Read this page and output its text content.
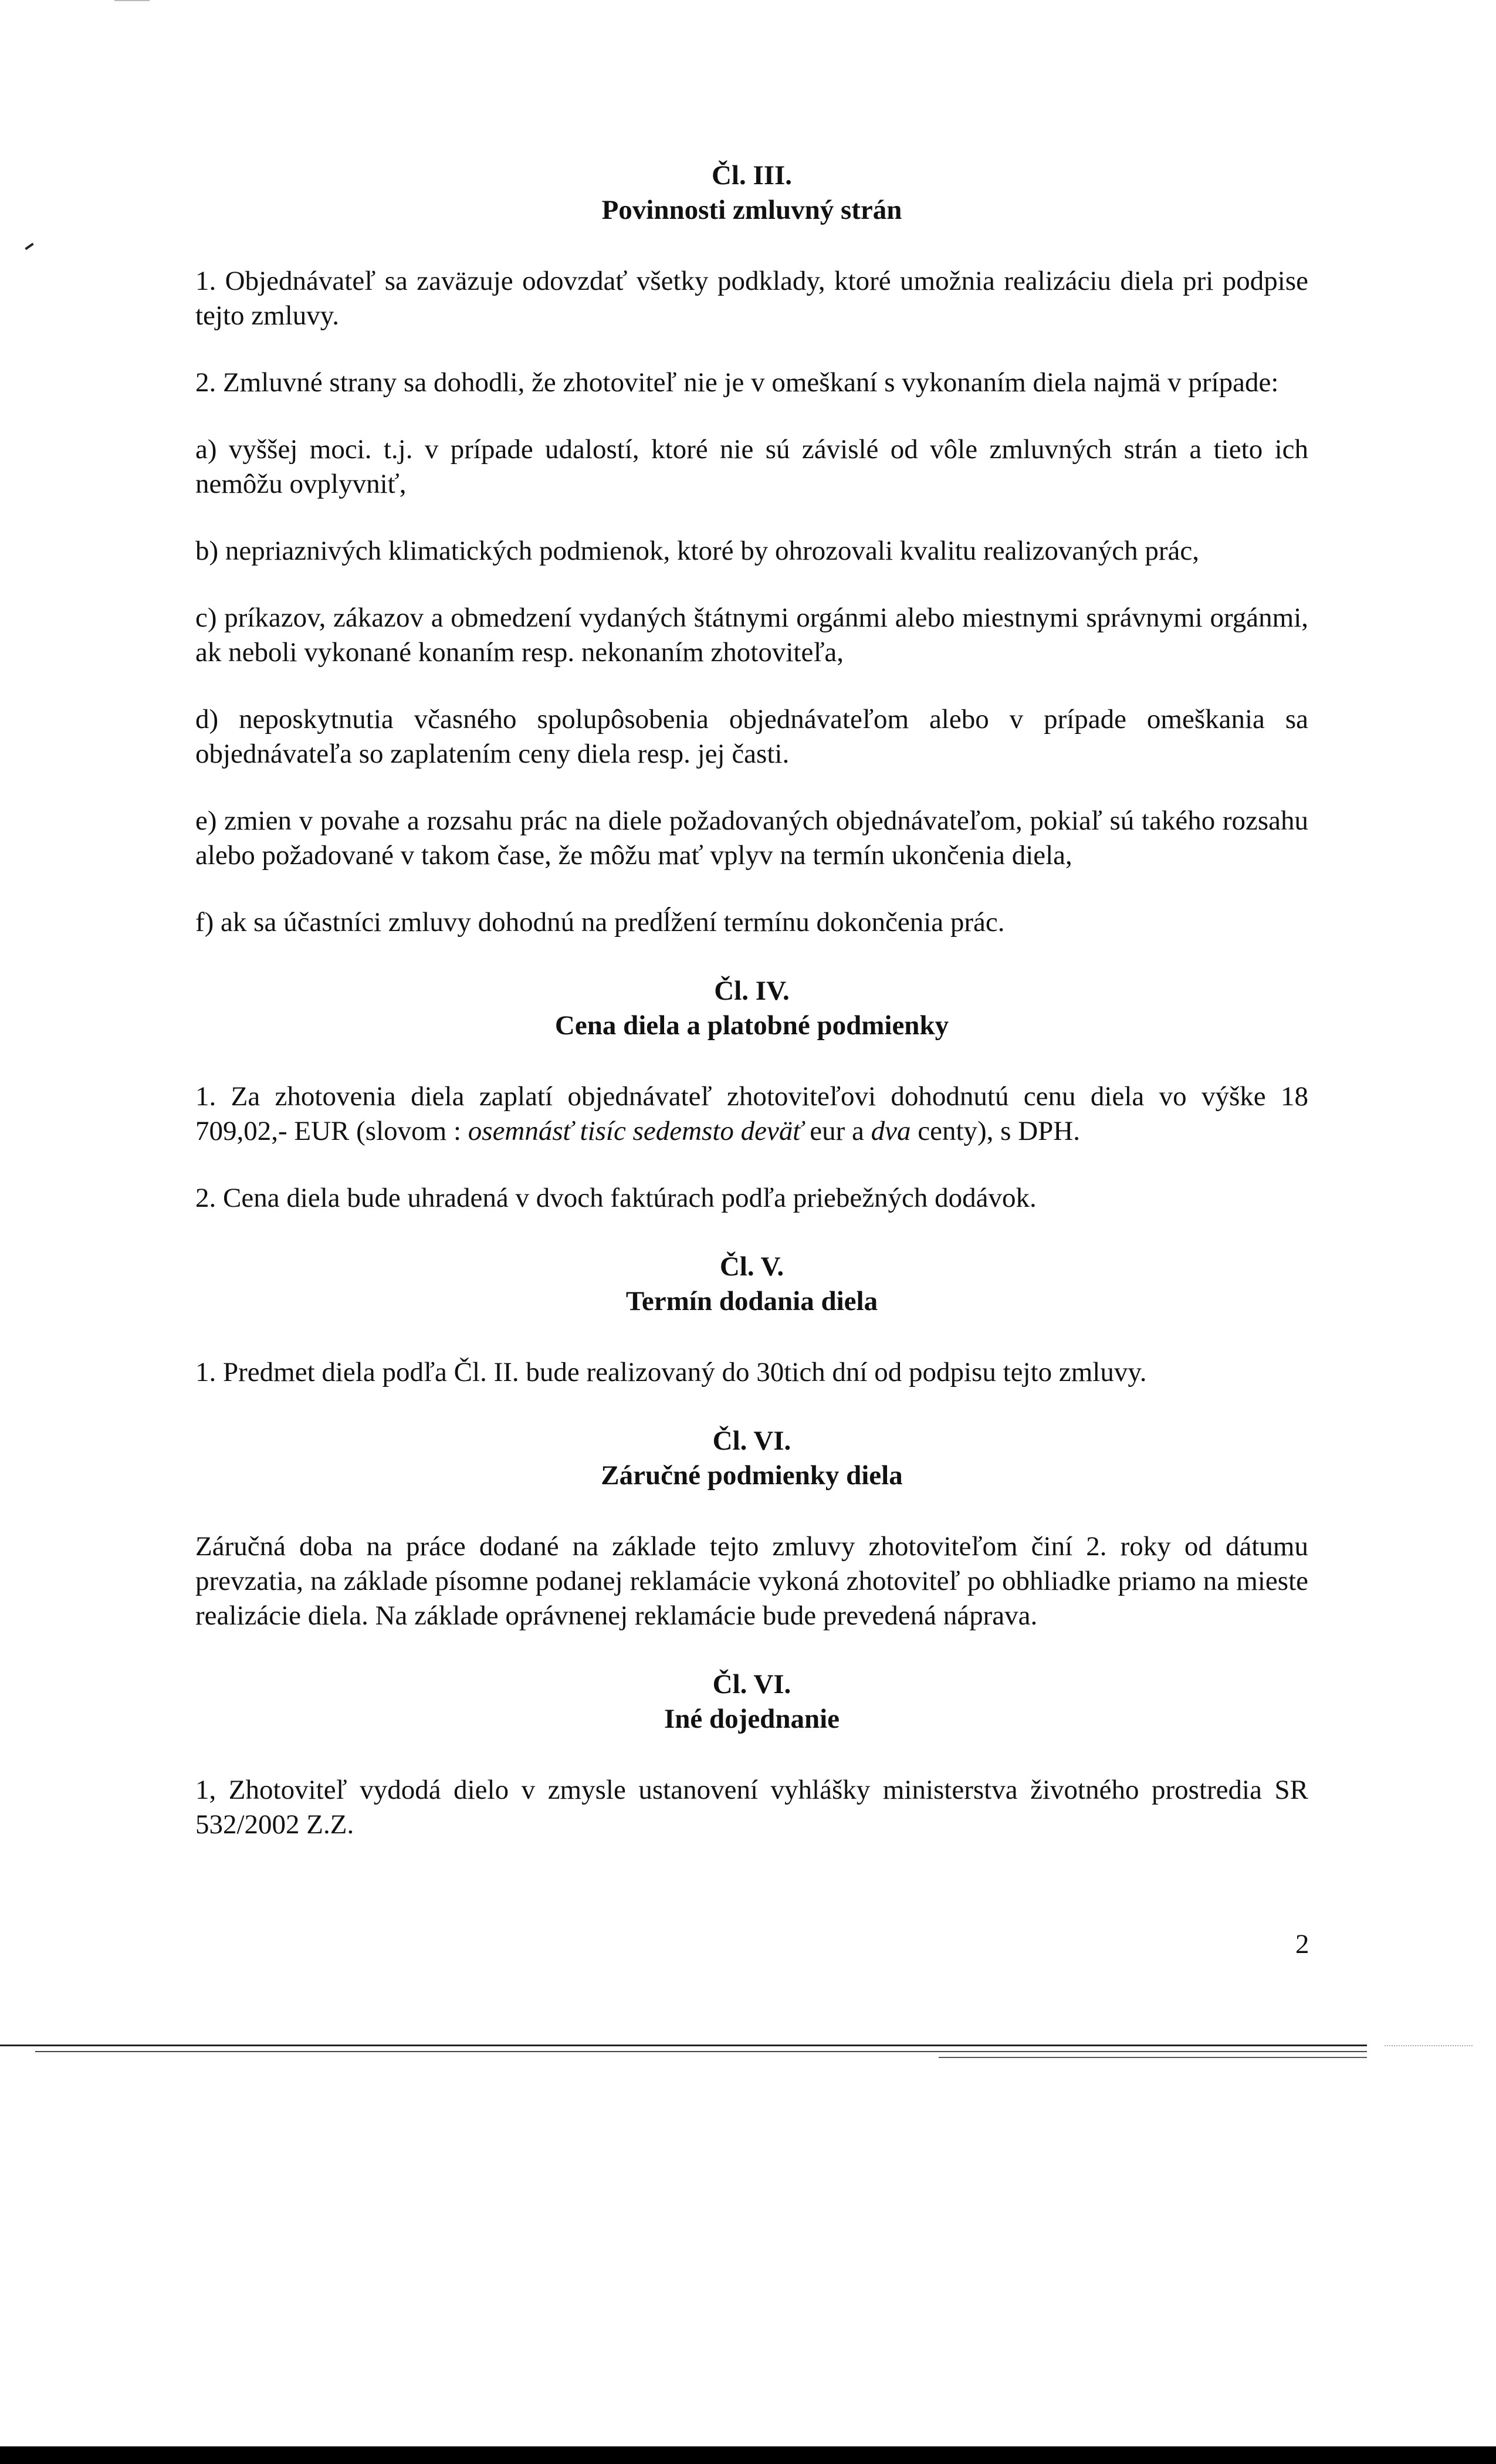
Čl. III.
Povinnosti zmluvný strán

1. Objednávateľ sa zaväzuje odovzdať všetky podklady, ktoré umožnia realizáciu diela pri podpise tejto zmluvy.

2. Zmluvné strany sa dohodli, že zhotoviteľ nie je v omeškaní s vykonaním diela najmä v prípade:

a) vyššej moci. t.j. v prípade udalostí, ktoré nie sú závislé od vôle zmluvných strán a tieto ich nemôžu ovplyvniť,

b) nepriaznivých klimatických podmienok, ktoré by ohrozovali kvalitu realizovaných prác,

c) príkazov, zákazov a obmedzení vydaných štátnymi orgánmi alebo miestnymi správnymi orgánmi, ak neboli vykonané konaním resp. nekonaním zhotoviteľa,

d) neposkytnutia včasného spolupôsobenia objednávateľom alebo v prípade omeškania sa objednávateľa so zaplatením ceny diela resp. jej časti.

e) zmien v povahe a rozsahu prác na diele požadovaných objednávateľom, pokiaľ sú takého rozsahu alebo požadované v takom čase, že môžu mať vplyv na termín ukončenia diela,

f) ak sa účastníci zmluvy dohodnú na predĺžení termínu dokončenia prác.

Čl. IV.
Cena diela a platobné podmienky

1. Za zhotovenia diela zaplatí objednávateľ zhotoviteľovi dohodnutú cenu diela vo výške 18 709,02,- EUR (slovom : osemnásť tisíc sedemsto deväť eur a dva centy), s DPH.

2. Cena diela bude uhradená v dvoch faktúrach podľa priebežných dodávok.

Čl. V.
Termín dodania diela

1. Predmet diela podľa Čl. II. bude realizovaný do 30tich dní od podpisu tejto zmluvy.

Čl. VI.
Záručné podmienky diela

Záručná doba na práce dodané na základe tejto zmluvy zhotoviteľom činí 2. roky od dátumu prevzatia, na základe písomne podanej reklamácie vykoná zhotoviteľ po obhliadke priamo na mieste realizácie diela. Na základe oprávnenej reklamácie bude prevedená náprava.

Čl. VI.
Iné dojednanie

1, Zhotoviteľ vydodá dielo v zmysle ustanovení vyhlášky ministerstva životného prostredia SR 532/2002 Z.Z.

2
